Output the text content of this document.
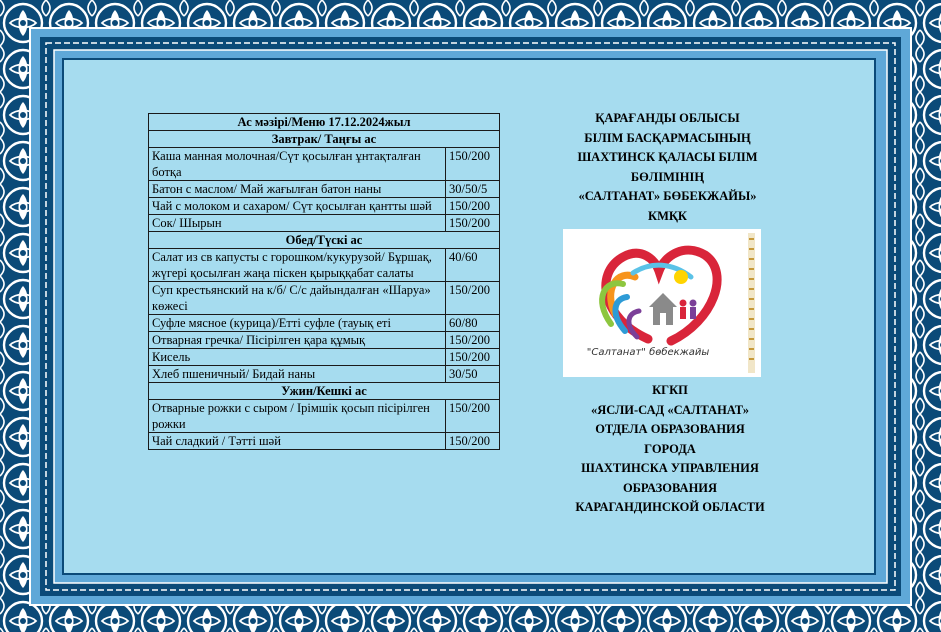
Ас мәзірі/Меню 17.12.2024жыл	
Завтрак/ Таңғы ас	
Каша манная молочная/Сүт қосылған ұнтақталған ботқа	150/200
Батон с маслом/ Май жағылған батон наны	30/50/5
Чай с молоком и сахаром/ Сүт қосылған қантты шәй	150/200
Сок/ Шырын	150/200
Обед/Түскі ас	
Салат из св капусты с горошком/кукурузой/ Бұршақ, жүгері қосылған жаңа піскен қырыққабат салаты	40/60
Суп крестьянский на к/б/ С/с дайындалған «Шаруа» көжесі	150/200
Суфле мясное (курица)/Етті суфле (тауық еті	60/80
Отварная гречка/ Пісірілген қара құмық	150/200
Кисель	150/200
Хлеб пшеничный/ Бидай наны	30/50
Ужин/Кешкі ас	
Отварные рожки с сыром / Ірімшік қосып пісірілген рожки	150/200
Чай сладкий / Тәтті шәй	150/200
ҚАРАҒАНДЫ ОБЛЫСЫ
БІЛІМ БАСҚАРМАСЫНЫҢ
ШАХТИНСК ҚАЛАСЫ БІЛІМ
БӨЛІМІНІҢ
«САЛТАНАТ» БӨБЕКЖАЙЫ»
КМҚК
"Салтанат" бөбекжайы
КГКП
«ЯСЛИ-САД «САЛТАНАТ»
ОТДЕЛА ОБРАЗОВАНИЯ
ГОРОДА
ШАХТИНСКА УПРАВЛЕНИЯ
ОБРАЗОВАНИЯ
КАРАГАНДИНСКОЙ ОБЛАСТИ
